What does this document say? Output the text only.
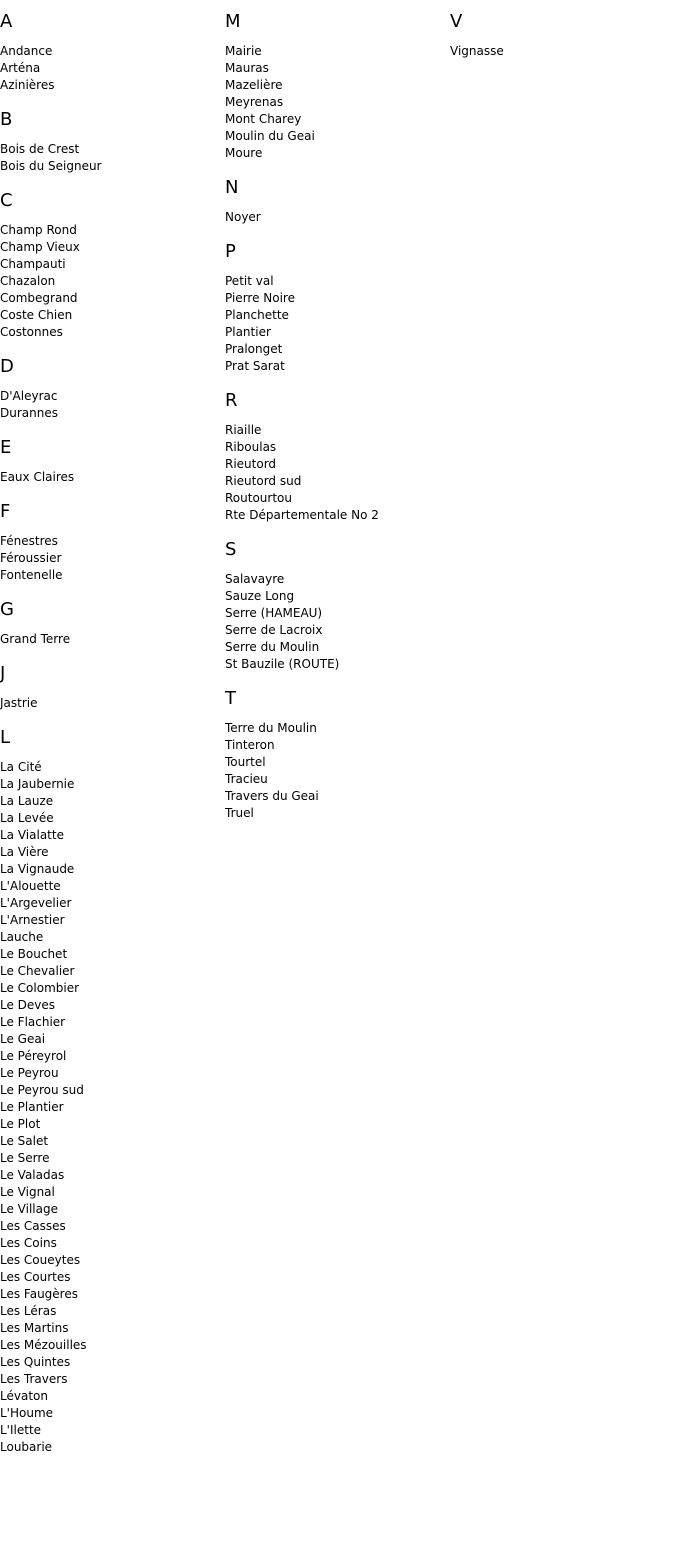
A
Andance
Arténa
Azinières
B
Bois de Crest
Bois du Seigneur
C
Champ Rond
Champ Vieux
Champauti
Chazalon
Combegrand
Coste Chien
Costonnes
D
D'Aleyrac
Durannes
E
Eaux Claires
F
Fénestres
Féroussier
Fontenelle
G
Grand Terre
J
Jastrie
L
La Cité
La Jaubernie
La Lauze
La Levée
La Vialatte
La Vière
La Vignaude
L'Alouette
L'Argevelier
L'Arnestier
Lauche
Le Bouchet
Le Chevalier
Le Colombier
Le Deves
Le Flachier
Le Geai
Le Péreyrol
Le Peyrou
Le Peyrou sud
Le Plantier
Le Plot
Le Salet
Le Serre
Le Valadas
Le Vignal
Le Village
Les Casses
Les Coins
Les Coueytes
Les Courtes
Les Faugères
Les Léras
Les Martins
Les Mézouilles
Les Quintes
Les Travers
Lévaton
L'Houme
L'Ilette
Loubarie
M
Mairie
Mauras
Mazelière
Meyrenas
Mont Charey
Moulin du Geai
Moure
N
Noyer
P
Petit val
Pierre Noire
Planchette
Plantier
Pralonget
Prat Sarat
R
Riaille
Riboulas
Rieutord
Rieutord sud
Routourtou
Rte Départementale No 2
S
Salavayre
Sauze Long
Serre (HAMEAU)
Serre de Lacroix
Serre du Moulin
St Bauzile (ROUTE)
T
Terre du Moulin
Tinteron
Tourtel
Tracieu
Travers du Geai
Truel
V
Vignasse
